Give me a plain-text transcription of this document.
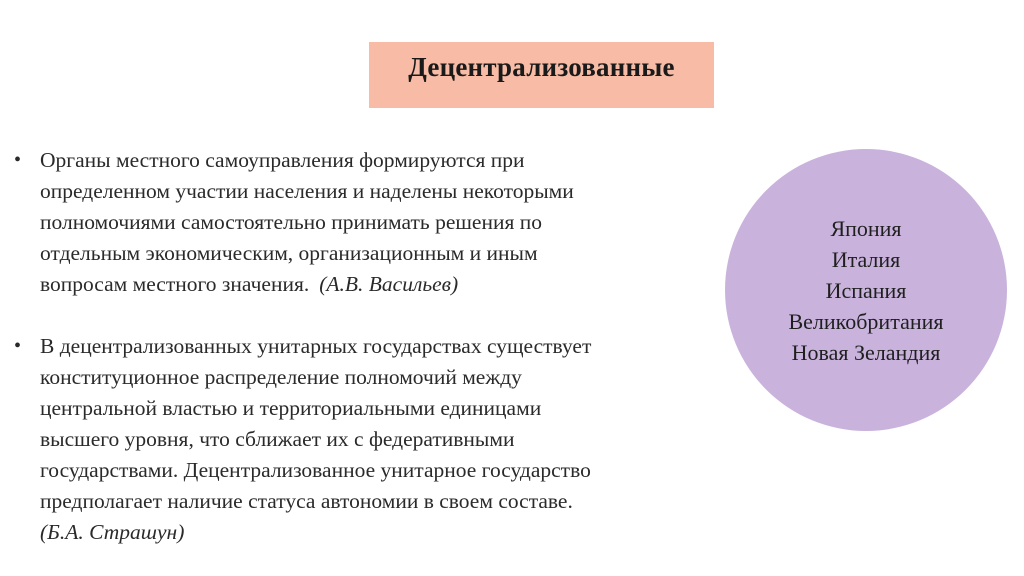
Децентрализованные
• Органы местного самоуправления формируются при
определенном участии населения и наделены некоторыми
полномочиями самостоятельно принимать решения по
отдельным экономическим, организационным и иным
вопросам местного значения. (А.В. Васильев)
• В децентрализованных унитарных государствах существует
конституционное распределение полномочий между
центральной властью и территориальными единицами
высшего уровня, что сближает их с федеративными
государствами. Децентрализованное унитарное государство
предполагает наличие статуса автономии в своем составе.
(Б.А. Страшун)
Япония
Италия
Испания
Великобритания
Новая Зеландия
